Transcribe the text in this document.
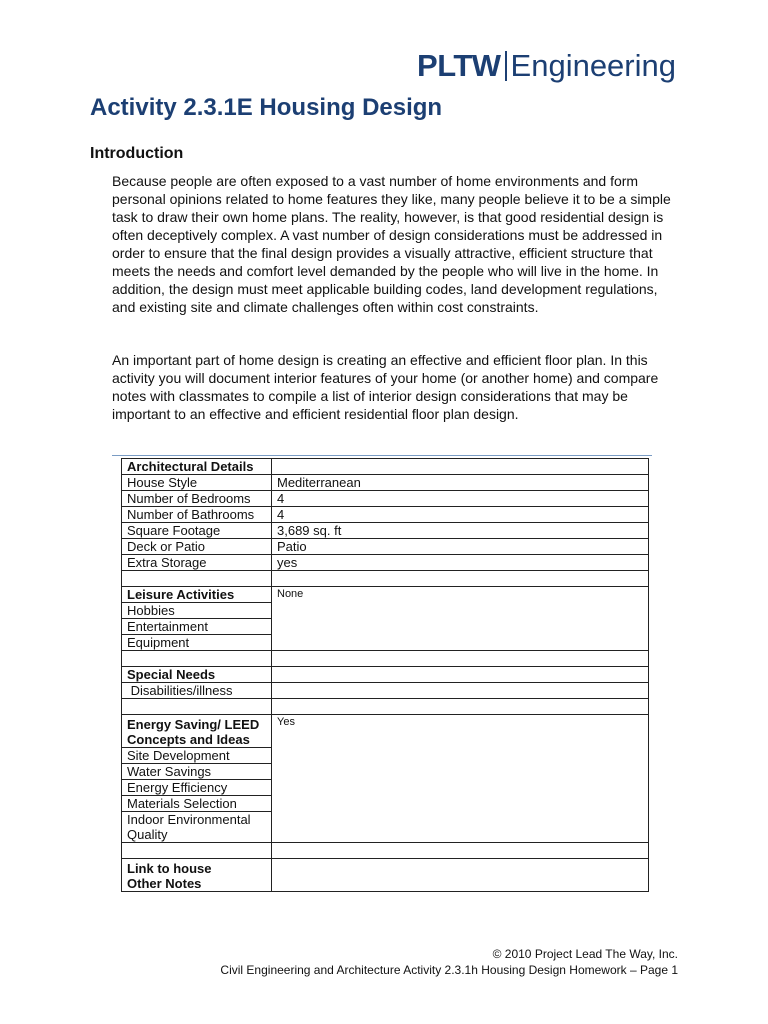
PLTW Engineering
Activity 2.3.1E Housing Design
Introduction

Because people are often exposed to a vast number of home environments and form personal opinions related to home features they like, many people believe it to be a simple task to draw their own home plans. The reality, however, is that good residential design is often deceptively complex. A vast number of design considerations must be addressed in order to ensure that the final design provides a visually attractive, efficient structure that meets the needs and comfort level demanded by the people who will live in the home. In addition, the design must meet applicable building codes, land development regulations, and existing site and climate challenges often within cost constraints.

An important part of home design is creating an effective and efficient floor plan. In this activity you will document interior features of your home (or another home) and compare notes with classmates to compile a list of interior design considerations that may be important to an effective and efficient residential floor plan design.

Architectural Details	
House Style	Mediterranean
Number of Bedrooms	4
Number of Bathrooms	4
Square Footage	3,689 sq. ft
Deck or Patio	Patio
Extra Storage	yes

Leisure Activities	None
Hobbies	
Entertainment	
Equipment	

Special Needs	
Disabilities/illness	

Energy Saving/ LEED Concepts and Ideas	Yes
Site Development	
Water Savings	
Energy Efficiency	
Materials Selection	
Indoor Environmental Quality	

Link to house
Other Notes	
© 2010 Project Lead The Way, Inc.
Civil Engineering and Architecture Activity 2.3.1h Housing Design Homework – Page 1
